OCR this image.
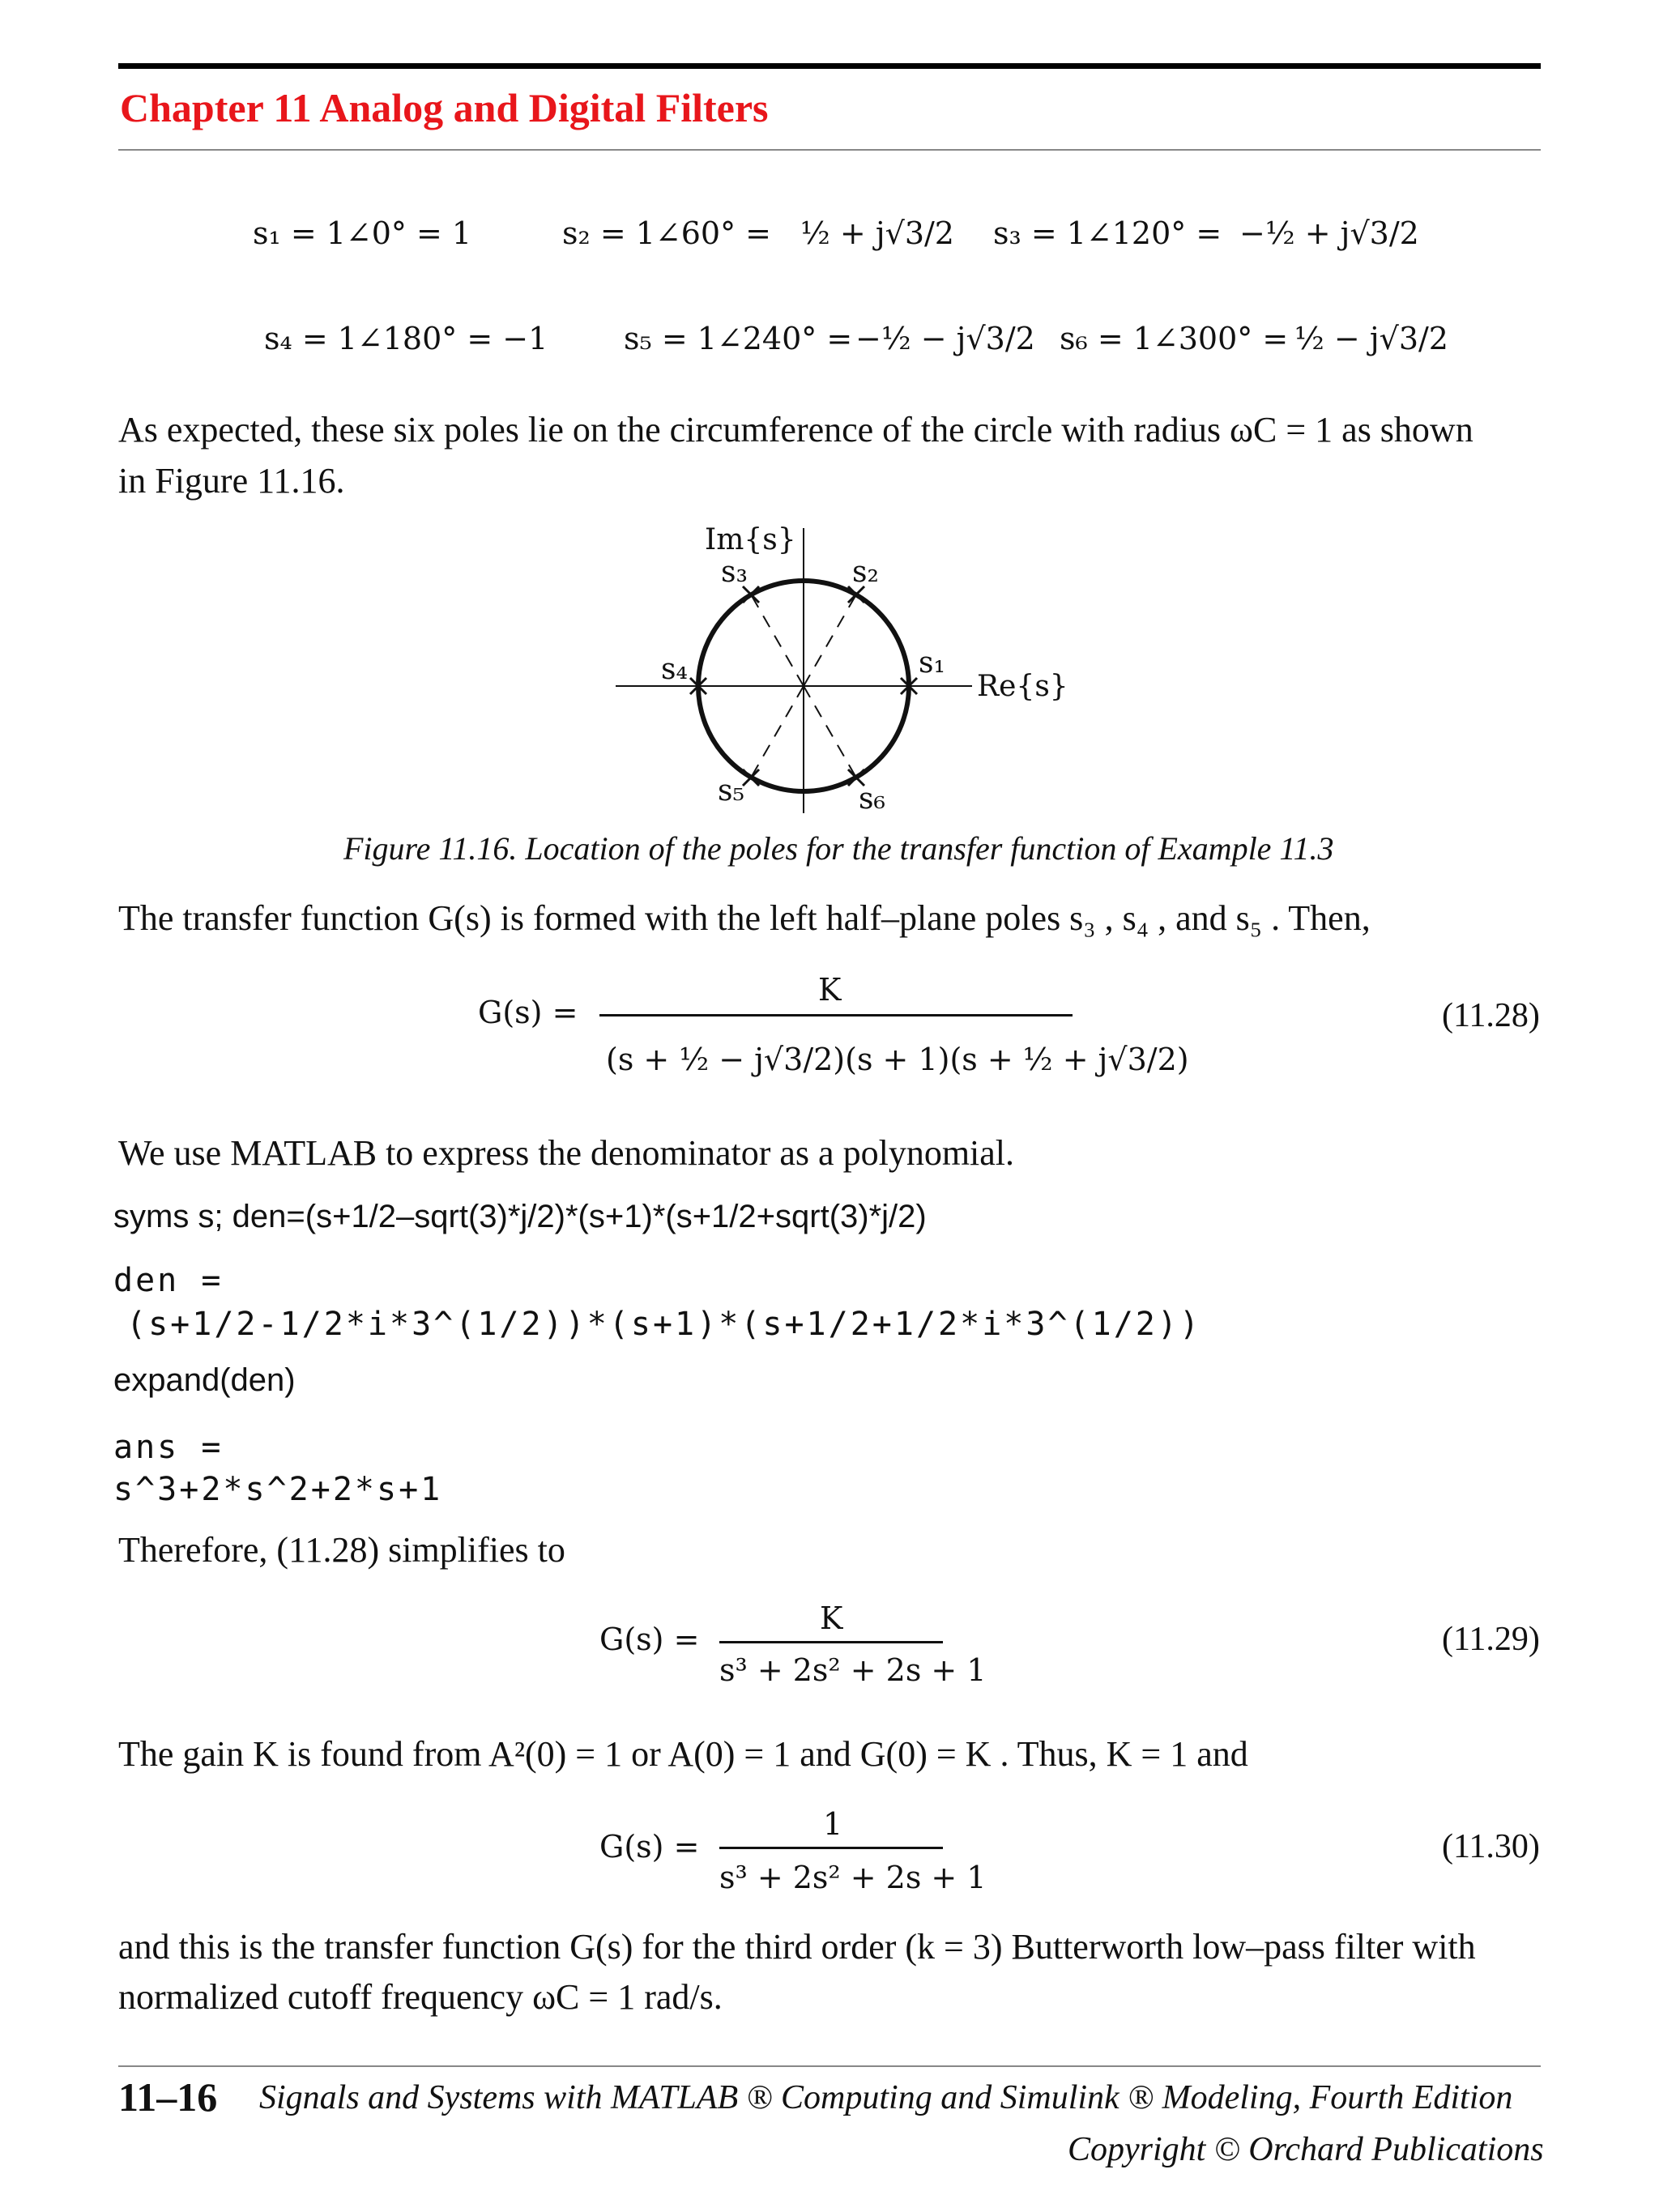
Chapter 11 Analog and Digital Filters
s₁ = 1∠0° = 1	s₂ = 1∠60° = ½ + j√3/2 s₃ = 1∠120° = −½ + j√3/2
s₄ = 1∠180° = −1 s₅ = 1∠240° = −½ − j√3/2 s₆ = 1∠300° = ½ − j√3/2
As expected, these six poles lie on the circumference of the circle with radius ωC = 1 as shown
in Figure 11.16.
Im{s}
Re{s}
s₁
s₂
s₃
s₄
s₅	s₆
Figure 11.16. Location of the poles for the transfer function of Example 11.3
The transfer function G(s) is formed with the left half–plane poles s₃ , s₄ , and s₅ . Then,
G(s) =
K
(s + ½ − j√3/2)(s + 1)(s + ½ + j√3/2)
(11.28)
We use MATLAB to express the denominator as a polynomial.
syms s; den=(s+1/2–sqrt(3)*j/2)*(s+1)*(s+1/2+sqrt(3)*j/2)
den =
(s+1/2-1/2*i*3^(1/2))*(s+1)*(s+1/2+1/2*i*3^(1/2))
expand(den)
ans =
s^3+2*s^2+2*s+1
Therefore, (11.28) simplifies to
G(s) =
K
s³ + 2s² + 2s + 1
(11.29)
The gain K is found from A²(0) = 1 or A(0) = 1 and G(0) = K . Thus, K = 1 and
G(s) =
1
s³ + 2s² + 2s + 1
(11.30)
and this is the transfer function G(s) for the third order (k = 3) Butterworth low–pass filter with
normalized cutoff frequency ωC = 1 rad/s.
11–16 Signals and Systems with MATLAB ® Computing and Simulink ® Modeling, Fourth Edition
Copyright © Orchard Publications
